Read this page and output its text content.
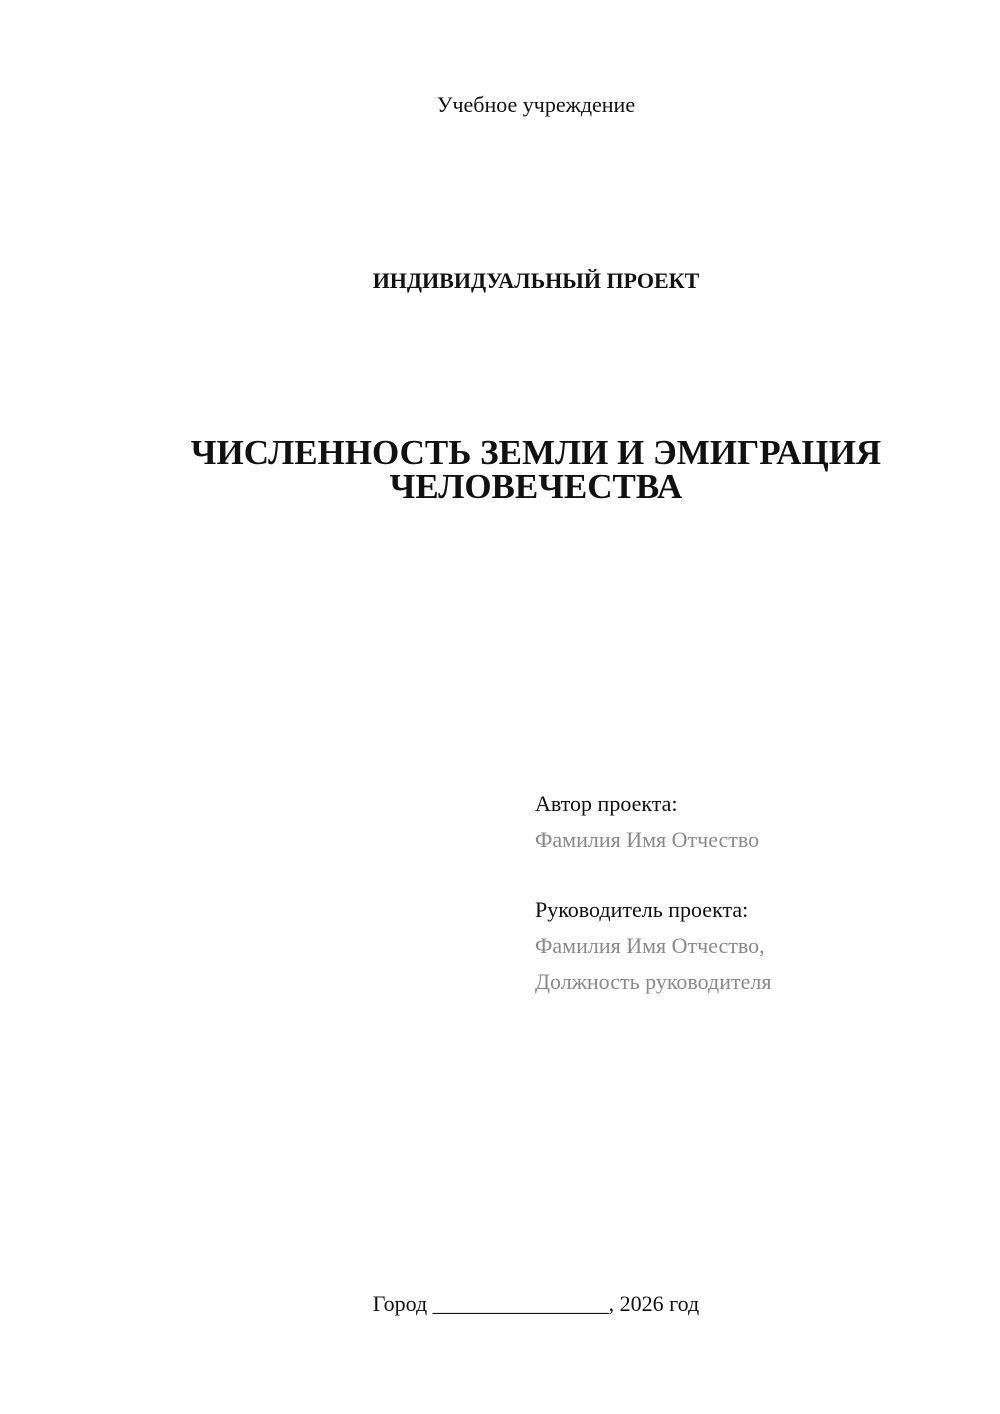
Учебное учреждение
ИНДИВИДУАЛЬНЫЙ ПРОЕКТ
ЧИСЛЕННОСТЬ ЗЕМЛИ И ЭМИГРАЦИЯ
ЧЕЛОВЕЧЕСТВА
Автор проекта:
Фамилия Имя Отчество
Руководитель проекта:
Фамилия Имя Отчество,
Должность руководителя
Город ________________, 2026 год
